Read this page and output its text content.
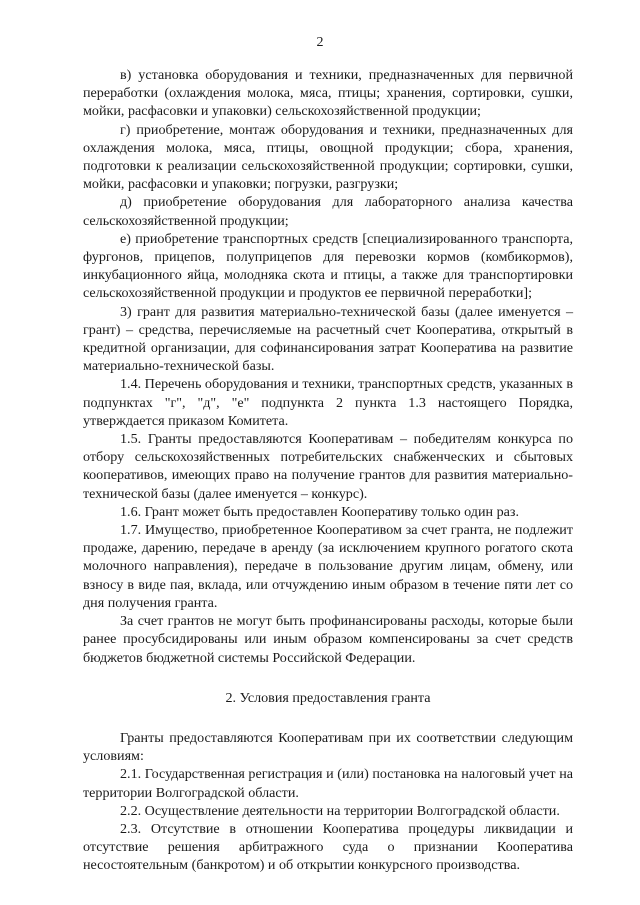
2

в) установка оборудования и техники, предназначенных для первичной переработки (охлаждения молока, мяса, птицы; хранения, сортировки, сушки, мойки, расфасовки и упаковки) сельскохозяйственной продукции;

г) приобретение, монтаж оборудования и техники, предназначенных для охлаждения молока, мяса, птицы, овощной продукции; сбора, хранения, подготовки к реализации сельскохозяйственной продукции; сортировки, сушки, мойки, расфасовки и упаковки; погрузки, разгрузки;

д) приобретение оборудования для лабораторного анализа качества сельскохозяйственной продукции;

е) приобретение транспортных средств [специализированного транспорта, фургонов, прицепов, полуприцепов для перевозки кормов (комбикормов), инкубационного яйца, молодняка скота и птицы, а также для транспортировки сельскохозяйственной продукции и продуктов ее первичной переработки];

3) грант для развития материально-технической базы (далее именуется – грант) – средства, перечисляемые на расчетный счет Кооператива, открытый в кредитной организации, для софинансирования затрат Кооператива на развитие материально-технической базы.

1.4. Перечень оборудования и техники, транспортных средств, указанных в подпунктах "г", "д", "е" подпункта 2 пункта 1.3 настоящего Порядка, утверждается приказом Комитета.

1.5. Гранты предоставляются Кооперативам – победителям конкурса по отбору сельскохозяйственных потребительских снабженческих и сбытовых кооперативов, имеющих право на получение грантов для развития материально-технической базы (далее именуется – конкурс).

1.6. Грант может быть предоставлен Кооперативу только один раз.

1.7. Имущество, приобретенное Кооперативом за счет гранта, не подлежит продаже, дарению, передаче в аренду (за исключением крупного рогатого скота молочного направления), передаче в пользование другим лицам, обмену, или взносу в виде пая, вклада, или отчуждению иным образом в течение пяти лет со дня получения гранта.

За счет грантов не могут быть профинансированы расходы, которые были ранее просубсидированы или иным образом компенсированы за счет средств бюджетов бюджетной системы Российской Федерации.

2. Условия предоставления гранта

Гранты предоставляются Кооперативам при их соответствии следующим условиям:

2.1. Государственная регистрация и (или) постановка на налоговый учет на территории Волгоградской области.

2.2. Осуществление деятельности на территории Волгоградской области.

2.3. Отсутствие в отношении Кооператива процедуры ликвидации и отсутствие решения арбитражного суда о признании Кооператива несостоятельным (банкротом) и об открытии конкурсного производства.
